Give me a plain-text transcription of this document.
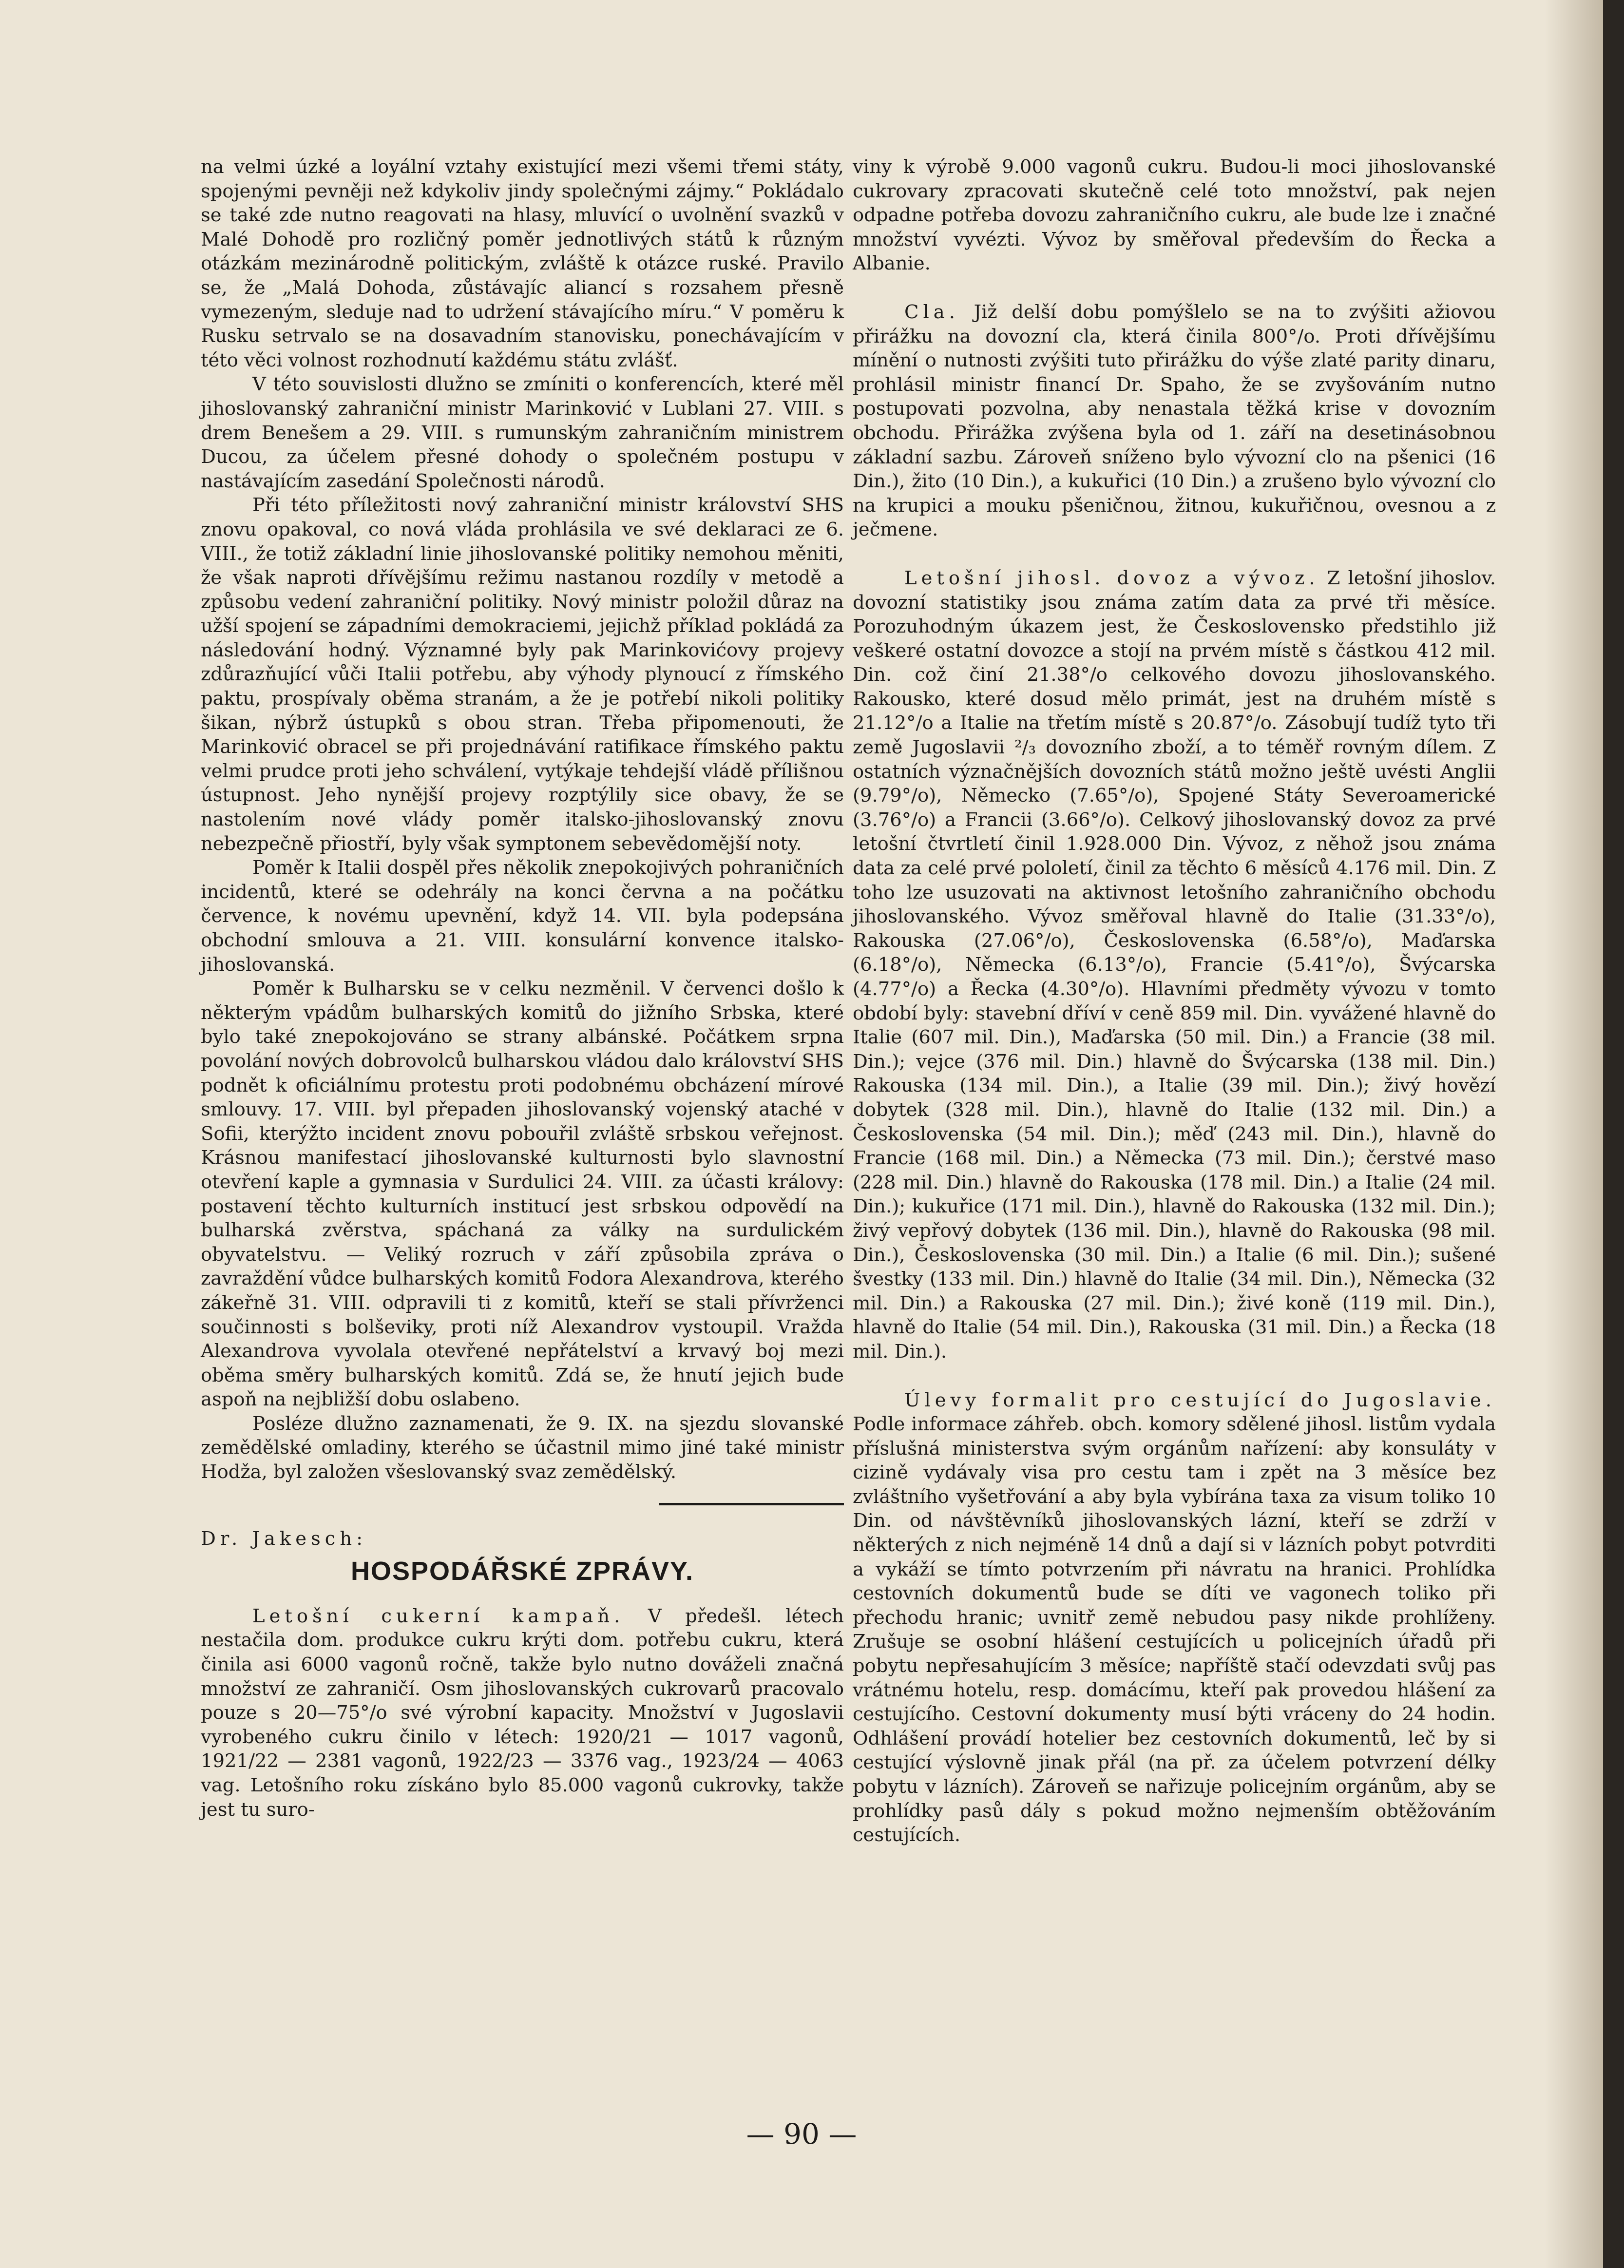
na velmi úzké a loyální vztahy existující mezi všemi třemi státy, spojenými pevněji než kdykoliv jindy společnými zájmy.“ Pokládalo se také zde nutno reagovati na hlasy, mluvící o uvolnění svazků v Malé Dohodě pro rozličný poměr jednotlivých států k různým otázkám mezinárodně politickým, zvláště k otázce ruské. Pravilo se, že „Malá Dohoda, zůstávajíc aliancí s rozsahem přesně vymezeným, sleduje nad to udržení stávajícího míru.“ V poměru k Rusku setrvalo se na dosavadním stanovisku, ponechávajícím v této věci volnost rozhodnutí každému státu zvlášť.

V této souvislosti dlužno se zmíniti o konferencích, které měl jihoslovanský zahraniční ministr Marinković v Lublani 27. VIII. s drem Benešem a 29. VIII. s rumunským zahraničním ministrem Ducou, za účelem přesné dohody o společném postupu v nastávajícím zasedání Společnosti národů.

Při této příležitosti nový zahraniční ministr království SHS znovu opakoval, co nová vláda prohlásila ve své deklaraci ze 6. VIII., že totiž základní linie jihoslovanské politiky nemohou měniti, že však naproti dřívějšímu režimu nastanou rozdíly v metodě a způsobu vedení zahraniční politiky. Nový ministr položil důraz na užší spojení se západními demokraciemi, jejichž příklad pokládá za následování hodný. Významné byly pak Marinkovićovy projevy zdůrazňující vůči Italii potřebu, aby výhody plynoucí z římského paktu, prospívaly oběma stranám, a že je potřebí nikoli politiky šikan, nýbrž ústupků s obou stran. Třeba připomenouti, že Marinković obracel se při projednávání ratifikace římského paktu velmi prudce proti jeho schválení, vytýkaje tehdejší vládě přílišnou ústupnost. Jeho nynější projevy rozptýlily sice obavy, že se nastolením nové vlády poměr italsko-jihoslovanský znovu nebezpečně přiostří, byly však symptonem sebevědomější noty.

Poměr k Italii dospěl přes několik znepokojivých pohraničních incidentů, které se odehrály na konci června a na počátku července, k novému upevnění, když 14. VII. byla podepsána obchodní smlouva a 21. VIII. konsulární konvence italsko-jihoslovanská.

Poměr k Bulharsku se v celku nezměnil. V červenci došlo k některým vpádům bulharských komitů do jižního Srbska, které bylo také znepokojováno se strany albánské. Počátkem srpna povolání nových dobrovolců bulharskou vládou dalo království SHS podnět k oficiálnímu protestu proti podobnému obcházení mírové smlouvy. 17. VIII. byl přepaden jihoslovanský vojenský ataché v Sofii, kterýžto incident znovu pobouřil zvláště srbskou veřejnost. Krásnou manifestací jihoslovanské kulturnosti bylo slavnostní otevření kaple a gymnasia v Surdulici 24. VIII. za účasti královy: postavení těchto kulturních institucí jest srbskou odpovědí na bulharská zvěrstva, spáchaná za války na surdulickém obyvatelstvu. — Veliký rozruch v září způsobila zpráva o zavraždění vůdce bulharských komitů Fodora Alexandrova, kterého zákeřně 31. VIII. odpravili ti z komitů, kteří se stali přívrženci součinnosti s bolševiky, proti níž Alexandrov vystoupil. Vražda Alexandrova vyvolala otevřené nepřátelství a krvavý boj mezi oběma směry bulharských komitů. Zdá se, že hnutí jejich bude aspoň na nejbližší dobu oslabeno.

Posléze dlužno zaznamenati, že 9. IX. na sjezdu slovanské zemědělské omladiny, kterého se účastnil mimo jiné také ministr Hodža, byl založen všeslovanský svaz zemědělský.

Dr. Jakesch:
HOSPODÁŘSKÉ ZPRÁVY.

Letošní cukerní kampaň. V předešl. létech nestačila dom. produkce cukru krýti dom. potřebu cukru, která činila asi 6000 vagonů ročně, takže bylo nutno dováželi značná množství ze zahraničí. Osm jihoslovanských cukrovarů pracovalo pouze s 20—75°/o své výrobní kapacity. Množství v Jugoslavii vyrobeného cukru činilo v létech: 1920/21 — 1017 vagonů, 1921/22 — 2381 vagonů, 1922/23 — 3376 vag., 1923/24 — 4063 vag. Letošního roku získáno bylo 85.000 vagonů cukrovky, takže jest tu suro-

viny k výrobě 9.000 vagonů cukru. Budou-li moci jihoslovanské cukrovary zpracovati skutečně celé toto množství, pak nejen odpadne potřeba dovozu zahraničního cukru, ale bude lze i značné množství vyvézti. Vývoz by směřoval především do Řecka a Albanie.

Cla. Již delší dobu pomýšlelo se na to zvýšiti ažiovou přirážku na dovozní cla, která činila 800°/o. Proti dřívějšímu mínění o nutnosti zvýšiti tuto přirážku do výše zlaté parity dinaru, prohlásil ministr financí Dr. Spaho, že se zvyšováním nutno postupovati pozvolna, aby nenastala těžká krise v dovozním obchodu. Přirážka zvýšena byla od 1. září na desetinásobnou základní sazbu. Zároveň sníženo bylo vývozní clo na pšenici (16 Din.), žito (10 Din.), a kukuřici (10 Din.) a zrušeno bylo vývozní clo na krupici a mouku pšeničnou, žitnou, kukuřičnou, ovesnou a z ječmene.

Letošní jihosl. dovoz a vývoz. Z letošní jihoslov. dovozní statistiky jsou známa zatím data za prvé tři měsíce. Porozuhodným úkazem jest, že Československo předstihlo již veškeré ostatní dovozce a stojí na prvém místě s částkou 412 mil. Din. což činí 21.38°/o celkového dovozu jihoslovanského. Rakousko, které dosud mělo primát, jest na druhém místě s 21.12°/o a Italie na třetím místě s 20.87°/o. Zásobují tudíž tyto tři země Jugoslavii ²/₃ dovozního zboží, a to téměř rovným dílem. Z ostatních význačnějších dovozních států možno ještě uvésti Anglii (9.79°/o), Německo (7.65°/o), Spojené Státy Severoamerické (3.76°/o) a Francii (3.66°/o). Celkový jihoslovanský dovoz za prvé letošní čtvrtletí činil 1.928.000 Din. Vývoz, z něhož jsou známa data za celé prvé pololetí, činil za těchto 6 měsíců 4.176 mil. Din. Z toho lze usuzovati na aktivnost letošního zahraničního obchodu jihoslovanského. Vývoz směřoval hlavně do Italie (31.33°/o), Rakouska (27.06°/o), Československa (6.58°/o), Maďarska (6.18°/o), Německa (6.13°/o), Francie (5.41°/o), Švýcarska (4.77°/o) a Řecka (4.30°/o). Hlavními předměty vývozu v tomto období byly: stavební dříví v ceně 859 mil. Din. vyvážené hlavně do Italie (607 mil. Din.), Maďarska (50 mil. Din.) a Francie (38 mil. Din.); vejce (376 mil. Din.) hlavně do Švýcarska (138 mil. Din.) Rakouska (134 mil. Din.), a Italie (39 mil. Din.); živý hovězí dobytek (328 mil. Din.), hlavně do Italie (132 mil. Din.) a Československa (54 mil. Din.); měď (243 mil. Din.), hlavně do Francie (168 mil. Din.) a Německa (73 mil. Din.); čerstvé maso (228 mil. Din.) hlavně do Rakouska (178 mil. Din.) a Italie (24 mil. Din.); kukuřice (171 mil. Din.), hlavně do Rakouska (132 mil. Din.); živý vepřový dobytek (136 mil. Din.), hlavně do Rakouska (98 mil. Din.), Československa (30 mil. Din.) a Italie (6 mil. Din.); sušené švestky (133 mil. Din.) hlavně do Italie (34 mil. Din.), Německa (32 mil. Din.) a Rakouska (27 mil. Din.); živé koně (119 mil. Din.), hlavně do Italie (54 mil. Din.), Rakouska (31 mil. Din.) a Řecka (18 mil. Din.).

Úlevy formalit pro cestující do Jugoslavie. Podle informace záhřeb. obch. komory sdělené jihosl. listům vydala příslušná ministerstva svým orgánům nařízení: aby konsuláty v cizině vydávaly visa pro cestu tam i zpět na 3 měsíce bez zvláštního vyšetřování a aby byla vybírána taxa za visum toliko 10 Din. od návštěvníků jihoslovanských lázní, kteří se zdrží v některých z nich nejméně 14 dnů a dají si v lázních pobyt potvrditi a vykáží se tímto potvrzením při návratu na hranici. Prohlídka cestovních dokumentů bude se díti ve vagonech toliko při přechodu hranic; uvnitř země nebudou pasy nikde prohlíženy. Zrušuje se osobní hlášení cestujících u policejních úřadů při pobytu nepřesahujícím 3 měsíce; napříště stačí odevzdati svůj pas vrátnému hotelu, resp. domácímu, kteří pak provedou hlášení za cestujícího. Cestovní dokumenty musí býti vráceny do 24 hodin. Odhlášení provádí hotelier bez cestovních dokumentů, leč by si cestující výslovně jinak přál (na př. za účelem potvrzení délky pobytu v lázních). Zároveň se nařizuje policejním orgánům, aby se prohlídky pasů dály s pokud možno nejmenším obtěžováním cestujících.

— 90 —
